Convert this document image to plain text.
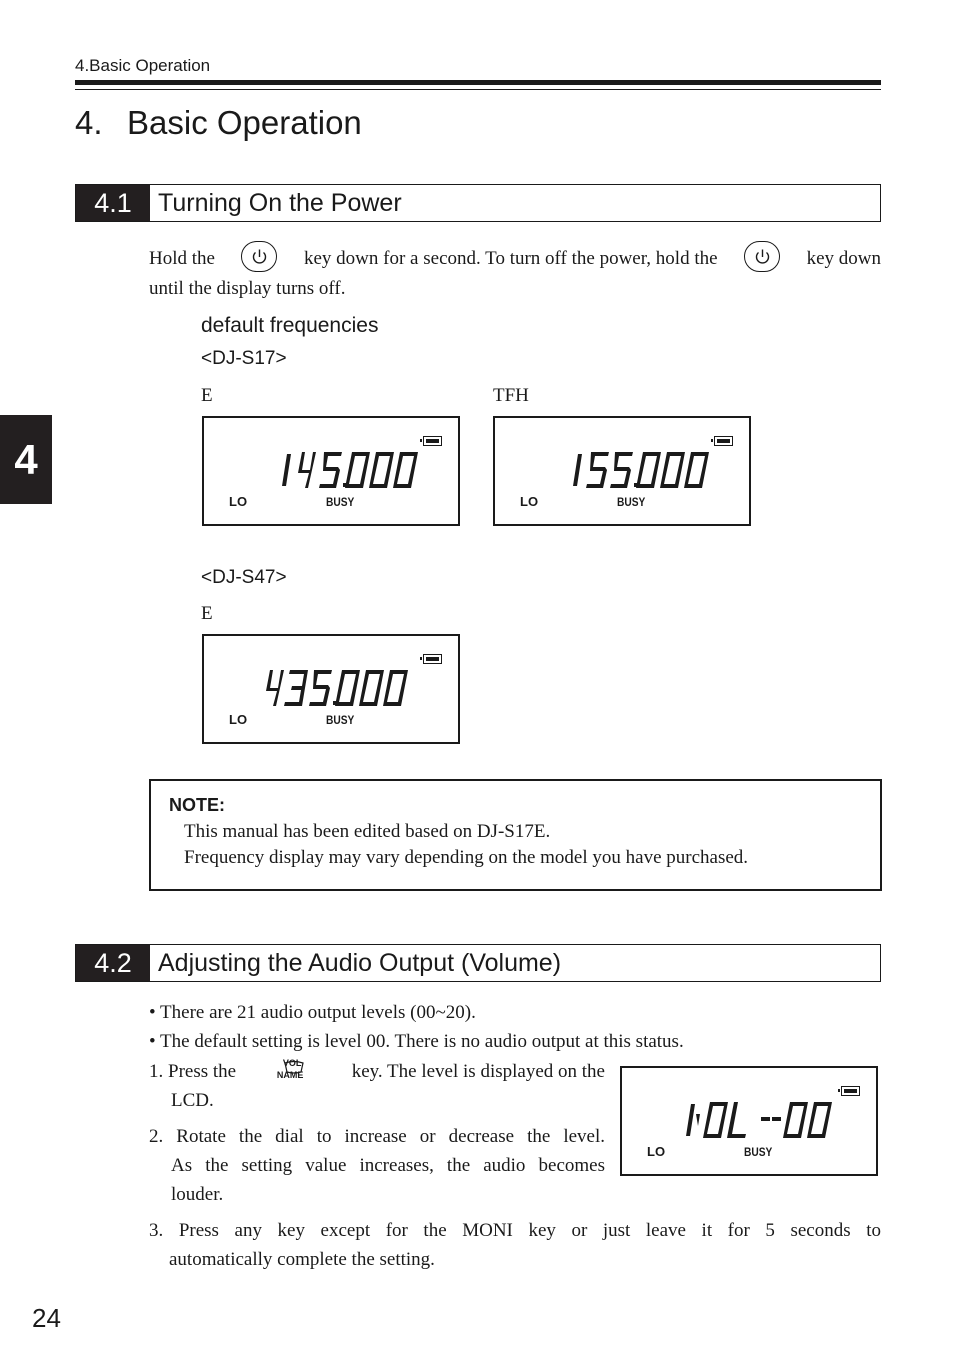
4.Basic Operation
4. Basic Operation
4
4.1	Turning On the Power
Hold the	key down for a second. To turn off the power, hold the	key down
until the display turns off.
default frequencies
<DJ-S17>
E	TFH
LO	BUSY	LO	BUSY
<DJ-S47>
E
LO	BUSY
NOTE:
This manual has been edited based on DJ-S17E.
Frequency display may vary depending on the model you have purchased.
4.2	Adjusting the Audio Output (Volume)
• There are 21 audio output levels (00~20).
• The default setting is level 00. There is no audio output at this status.
1. Press the	VOL
NAME	key. The level is displayed on the
LCD.
2. Rotate the dial to increase or decrease the level.
As the setting value increases, the audio becomes
louder.
LO	BUSY
3. Press any key except for the MONI key or just leave it for 5 seconds to
automatically complete the setting.
24
